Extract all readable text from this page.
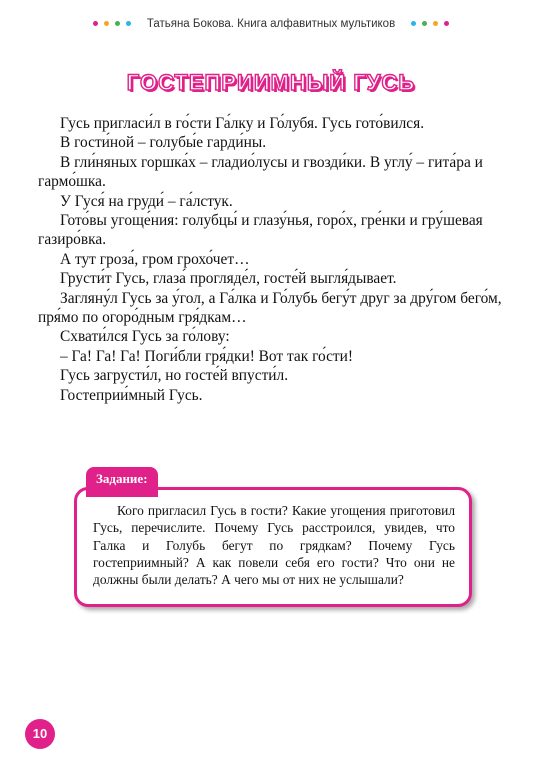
Татьяна Бокова. Книга алфавитных мультиков
ГОСТЕПРИИМНЫЙ ГУСЬ

Гусь пригласи́л в го́сти Га́лку и Го́лубя. Гусь гото́вился.

В гости́ной – голубы́е гарди́ны.

В гли́няных горшка́х – гладио́лусы и гвозди́ки. В углу́ – гита́ра и гармо́шка.

У Гуся́ на груди́ – га́лстук.

Гото́вы угоще́ния: голубцы́ и глазу́нья, горо́х, гре́нки и гру́шевая газиро́вка.

А тут гроза́, гром грохо́чет…

Грусти́т Гусь, глаза́ прогляде́л, госте́й выгля́дывает.

Загляну́л Гусь за у́гол, а Га́лка и Го́лубь бегу́т друг за дру́гом бего́м, пря́мо по огоро́дным гря́дкам…

Схвати́лся Гусь за го́лову:

– Га! Га! Га! Поги́бли гря́дки! Вот так го́сти!

Гусь загрусти́л, но госте́й впусти́л.

Гостеприи́мный Гусь.

Кого пригласил Гусь в гости? Какие угощения приготовил Гусь, перечислите. Почему Гусь расстроился, увидев, что Галка и Голубь бегут по грядкам? Почему Гусь гостеприимный? А как повели себя его гости? Что они не должны были делать? А чего мы от них не услышали?

Задание:
10
